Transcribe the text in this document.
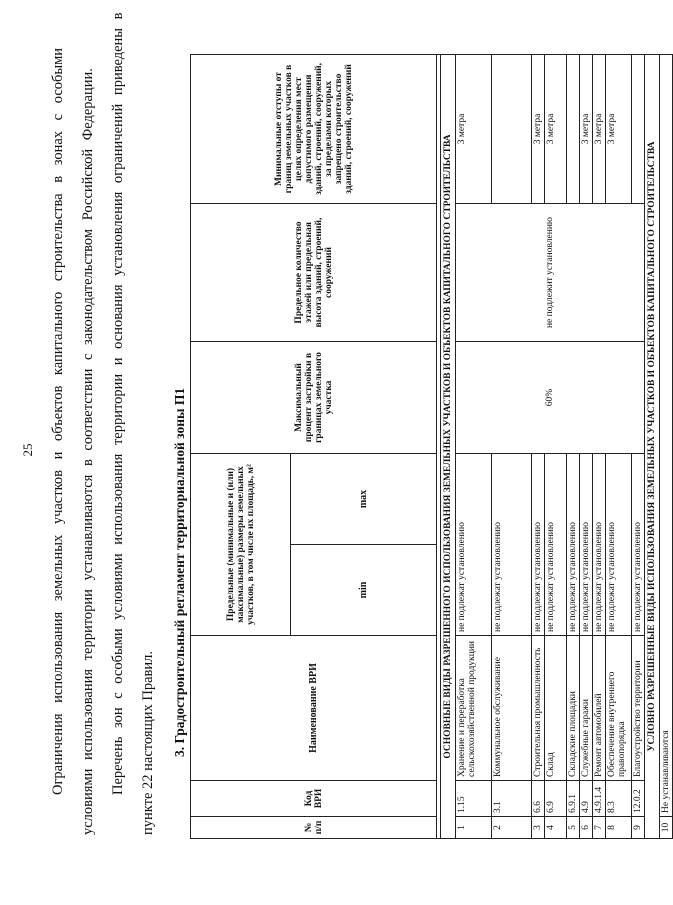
25 Ограничения использования земельных участков и объектов капитального строительства в зонах с особыми условиями использования территории устанавливаются в соответствии с законодательством Российской Федерации. Перечень зон с особыми условиями использования территории и основания установления ограничений приведены в пункте 22 настоящих Правил. 3. Градостроительный регламент территориальной зоны П1
№ п/п	Код ВРИ	Наименование ВРИ	Предельные (минимальные и (или) максимальные) размеры земельных участков, в том числе их площадь, м²		Максимальный процент застройки в границах земельного участка	Предельное количество этажей или предельная высота зданий, строений, сооружений	Минимальные отступы от границ земельных участков в целях определения мест допустимого размещения зданий, строений, сооружений, за пределами которых запрещено строительство зданий, строений, сооружений
			min	max			

ОСНОВНЫЕ ВИДЫ РАЗРЕШЕННОГО ИСПОЛЬЗОВАНИЯ ЗЕМЕЛЬНЫХ УЧАСТКОВ И ОБЪЕКТОВ КАПИТАЛЬНОГО СТРОИТЕЛЬСТВА							
1	1.15	Хранение и переработка сельскохозяйственной продукции	не подлежат установлению		60%	не подлежит установлению	3 метра
2	3.1	Коммунальное обслуживание	не подлежат установлению				
3	6.6	Строительная промышленность	не подлежат установлению				3 метра
4	6.9	Склад	не подлежат установлению				3 метра
5	6.9.1	Складские площадки	не подлежат установлению				
6	4.9	Служебные гаражи	не подлежат установлению				3 метра
7	4.9.1.4	Ремонт автомобилей	не подлежат установлению				3 метра
8	8.3	Обеспечение внутреннего правопорядка	не подлежат установлению				3 метра
9	12.0.2	Благоустройство территории	не подлежат установлению				
УСЛОВНО РАЗРЕШЕННЫЕ ВИДЫ ИСПОЛЬЗОВАНИЯ ЗЕМЕЛЬНЫХ УЧАСТКОВ И ОБЪЕКТОВ КАПИТАЛЬНОГО СТРОИТЕЛЬСТВА							
10	Не устанавливаются						
